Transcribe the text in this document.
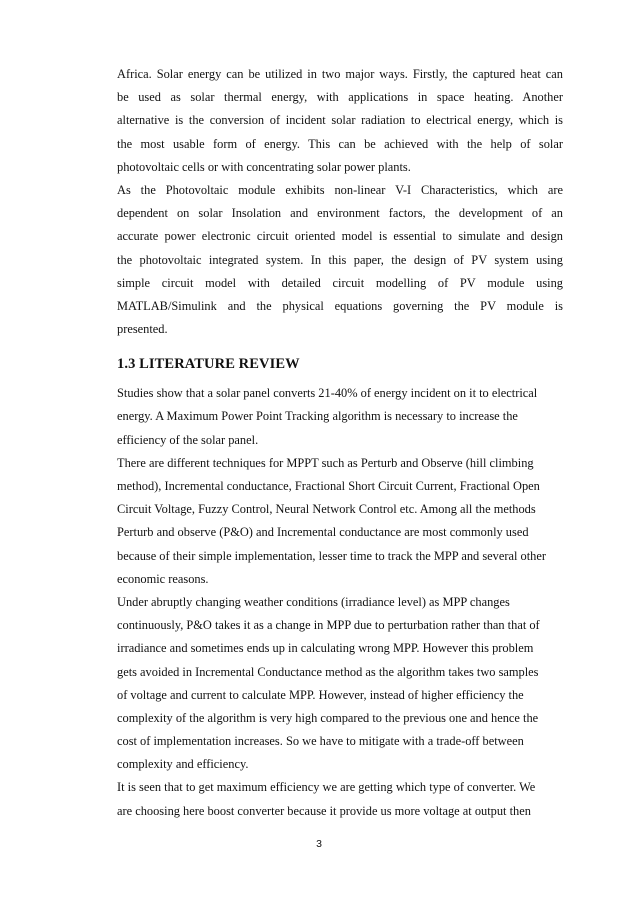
Africa. Solar energy can be utilized in two major ways. Firstly, the captured heat can
be used as solar thermal energy, with applications in space heating. Another
alternative is the conversion of incident solar radiation to electrical energy, which is
the most usable form of energy. This can be achieved with the help of solar
photovoltaic cells or with concentrating solar power plants.
As the Photovoltaic module exhibits non-linear V-I Characteristics, which are
dependent on solar Insolation and environment factors, the development of an
accurate power electronic circuit oriented model is essential to simulate and design
the photovoltaic integrated system. In this paper, the design of PV system using
simple circuit model with detailed circuit modelling of PV module using
MATLAB/Simulink and the physical equations governing the PV module is
presented.
1.3 LITERATURE REVIEW
Studies show that a solar panel converts 21-40% of energy incident on it to electrical
energy. A Maximum Power Point Tracking algorithm is necessary to increase the
efficiency of the solar panel.
There are different techniques for MPPT such as Perturb and Observe (hill climbing
method), Incremental conductance, Fractional Short Circuit Current, Fractional Open
Circuit Voltage, Fuzzy Control, Neural Network Control etc. Among all the methods
Perturb and observe (P&O) and Incremental conductance are most commonly used
because of their simple implementation, lesser time to track the MPP and several other
economic reasons.
Under abruptly changing weather conditions (irradiance level) as MPP changes
continuously, P&O takes it as a change in MPP due to perturbation rather than that of
irradiance and sometimes ends up in calculating wrong MPP. However this problem
gets avoided in Incremental Conductance method as the algorithm takes two samples
of voltage and current to calculate MPP. However, instead of higher efficiency the
complexity of the algorithm is very high compared to the previous one and hence the
cost of implementation increases. So we have to mitigate with a trade-off between
complexity and efficiency.
It is seen that to get maximum efficiency we are getting which type of converter. We
are choosing here boost converter because it provide us more voltage at output then
3
